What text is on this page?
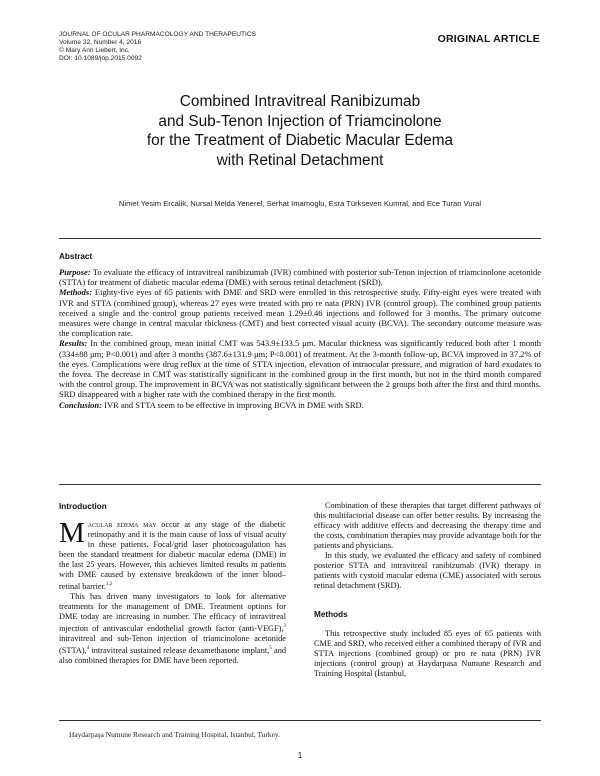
JOURNAL OF OCULAR PHARMACOLOGY AND THERAPEUTICS
Volume 32, Number 4, 2016
© Mary Ann Liebert, Inc.
DOI: 10.1089/jop.2015.0092
ORIGINAL ARTICLE
Combined Intravitreal Ranibizumab
and Sub-Tenon Injection of Triamcinolone
for the Treatment of Diabetic Macular Edema
with Retinal Detachment
Nimet Yesim Ercalik, Nursal Melda Yenerel, Serhat Imamoglu, Esra Türkseven Kumral, and Ece Turan Vural
Abstract

Purpose: To evaluate the efficacy of intravitreal ranibizumab (IVR) combined with posterior sub-Tenon injection of triamcinolone acetonide (STTA) for treatment of diabetic macular edema (DME) with serous retinal detachment (SRD).

Methods: Eighty-five eyes of 65 patients with DME and SRD were enrolled in this retrospective study. Fifty-eight eyes were treated with IVR and STTA (combined group), whereas 27 eyes were treated with pro re nata (PRN) IVR (control group). The combined group patients received a single and the control group patients received mean 1.29±0.46 injections and followed for 3 months. The primary outcome measures were change in central macular thickness (CMT) and best corrected visual acuity (BCVA). The secondary outcome measure was the complication rate.

Results: In the combined group, mean initial CMT was 543.9±133.5 μm. Macular thickness was significantly reduced both after 1 month (334±88 μm; P<0.001) and after 3 months (387.6±131.9 μm; P<0.001) of treatment. At the 3-month follow-up, BCVA improved in 37.2% of the eyes. Complications were drug reflux at the time of STTA injection, elevation of intraocular pressure, and migration of hard exudates to the fovea. The decrease in CMT was statistically significant in the combined group in the first month, but not in the third month compared with the control group. The improvement in BCVA was not statistically significant between the 2 groups both after the first and third months. SRD disappeared with a higher rate with the combined therapy in the first month.

Conclusion: IVR and STTA seem to be effective in improving BCVA in DME with SRD.

Introduction

Macular edema may occur at any stage of the diabetic retinopathy and it is the main cause of loss of visual acuity in these patients. Focal/grid laser photocoagulation has been the standard treatment for diabetic macular edema (DME) in the last 25 years. However, this achieves limited results in patients with DME caused by extensive breakdown of the inner blood–retinal barrier.$^{1,2}$

This has driven many investigators to look for alternative treatments for the management of DME. Treatment options for DME today are increasing in number. The efficacy of intravitreal injection of antivascular endothelial growth factor (anti-VEGF),$^3$ intravitreal and sub-Tenon injection of triamcinolone acetonide (STTA),$^4$ intravitreal sustained release dexamethasone implant,$^5$ and also combined therapies for DME have been reported.

Combination of these therapies that target different pathways of this multifactorial disease can offer better results. By increasing the efficacy with additive effects and decreasing the therapy time and the costs, combination therapies may provide advantage both for the patients and physicians.

In this study, we evaluated the efficacy and safety of combined posterior STTA and intravitreal ranibizumab (IVR) therapy in patients with cystoid macular edema (CME) associated with serous retinal detachment (SRD).

Methods

This retrospective study included 85 eyes of 65 patients with CME and SRD, who received either a combined therapy of IVR and STTA injections (combined group) or pro re nata (PRN) IVR injections (control group) at Haydarpasa Numune Research and Training Hospital (İstanbul,

Haydarpaşa Numune Research and Training Hospital, Istanbul, Turkey.
1
